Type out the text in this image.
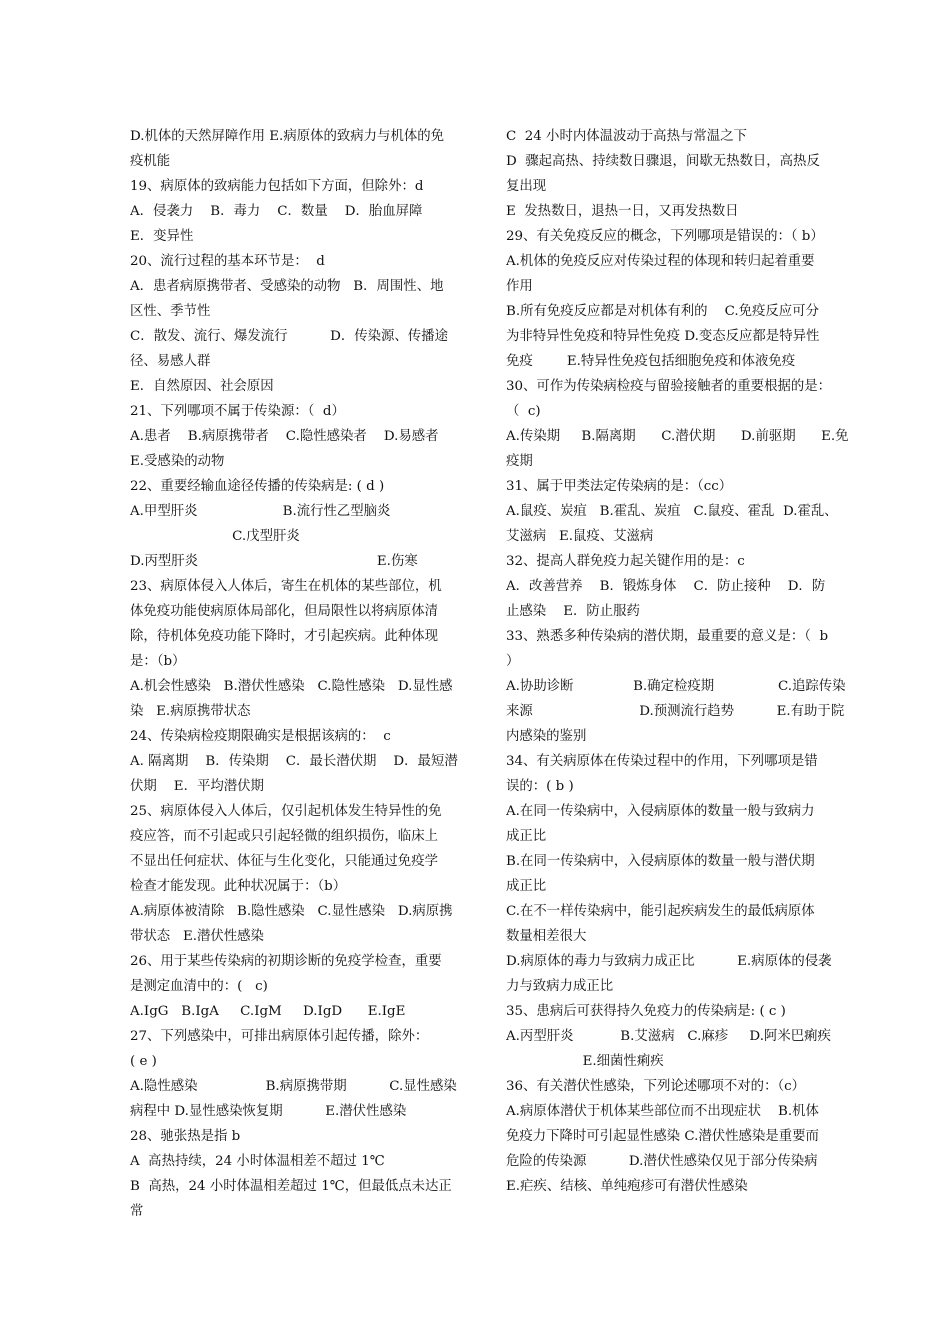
D.机体的天然屏障作用 E.病原体的致病力与机体的免
疫机能
19、病原体的致病能力包括如下方面，但除外：d
A．侵袭力    B．毒力    C．数量    D．胎血屏障
E．变异性
20、流行过程的基本环节是：  d
A．患者病原携带者、受感染的动物   B．周围性、地
区性、季节性
C．散发、流行、爆发流行          D．传染源、传播途
径、易感人群
E．自然原因、社会原因
21、下列哪项不属于传染源：（  d）
A.患者    B.病原携带者    C.隐性感染者    D.易感者
E.受感染的动物
22、重要经输血途径传播的传染病是: ( d )
A.甲型肝炎                    B.流行性乙型脑炎
C.戊型肝炎
D.丙型肝炎                                          E.伤寒
23、病原体侵入人体后，寄生在机体的某些部位，机
体免疫功能使病原体局部化，但局限性以将病原体清
除，待机体免疫功能下降时，才引起疾病。此种体现
是：（b）
A.机会性感染   B.潜伏性感染   C.隐性感染   D.显性感
染   E.病原携带状态
24、传染病检疫期限确实是根据该病的：  c
A. 隔离期    B．传染期    C．最长潜伏期    D．最短潜
伏期    E．平均潜伏期
25、病原体侵入人体后，仅引起机体发生特异性的免
疫应答，而不引起或只引起轻微的组织损伤，临床上
不显出任何症状、体征与生化变化，只能通过免疫学
检查才能发现。此种状况属于：（b）
A.病原体被清除   B.隐性感染   C.显性感染   D.病原携
带状态   E.潜伏性感染
26、用于某些传染病的初期诊断的免疫学检查，重要
是测定血清中的：(   c)
A.IgG   B.IgA     C.IgM     D.IgD      E.IgE
27、下列感染中，可排出病原体引起传播，除外：
( e )
A.隐性感染                B.病原携带期          C.显性感染
病程中 D.显性感染恢复期          E.潜伏性感染
28、驰张热是指 b
A  高热持续，24 小时体温相差不超过 1℃
B  高热，24 小时体温相差超过 1℃，但最低点未达正
常
C  24 小时内体温波动于高热与常温之下
D  骤起高热、持续数日骤退，间歇无热数日，高热反
复出现
E  发热数日，退热一日，又再发热数日
29、有关免疫反应的概念，下列哪项是错误的：（ b）
A.机体的免疫反应对传染过程的体现和转归起着重要
作用
B.所有免疫反应都是对机体有利的    C.免疫反应可分
为非特异性免疫和特异性免疫 D.变态反应都是特异性
免疫        E.特异性免疫包括细胞免疫和体液免疫
30、可作为传染病检疫与留验接触者的重要根据的是：
（  c)
A.传染期     B.隔离期      C.潜伏期      D.前驱期      E.免
疫期
31、属于甲类法定传染病的是：（cc）
A.鼠疫、炭疽   B.霍乱、炭疽   C.鼠疫、霍乱  D.霍乱、
艾滋病   E.鼠疫、艾滋病
32、提高人群免疫力起关键作用的是：c
A．改善营养    B．锻炼身体    C．防止接种    D．防
止感染    E．防止服药
33、熟悉多种传染病的潜伏期，最重要的意义是：（  b
）
A.协助诊断              B.确定检疫期               C.追踪传染
来源                         D.预测流行趋势          E.有助于院
内感染的鉴别
34、有关病原体在传染过程中的作用，下列哪项是错
误的：( b )
A.在同一传染病中，入侵病原体的数量一般与致病力
成正比
B.在同一传染病中，入侵病原体的数量一般与潜伏期
成正比
C.在不一样传染病中，能引起疾病发生的最低病原体
数量相差很大
D.病原体的毒力与致病力成正比          E.病原体的侵袭
力与致病力成正比
35、患病后可获得持久免疫力的传染病是: ( c )
A.丙型肝炎           B.艾滋病   C.麻疹     D.阿米巴痢疾
E.细菌性痢疾
36、有关潜伏性感染，下列论述哪项不对的：（c）
A.病原体潜伏于机体某些部位而不出现症状    B.机体
免疫力下降时可引起显性感染 C.潜伏性感染是重要而
危险的传染源          D.潜伏性感染仅见于部分传染病
E.疟疾、结核、单纯疱疹可有潜伏性感染
